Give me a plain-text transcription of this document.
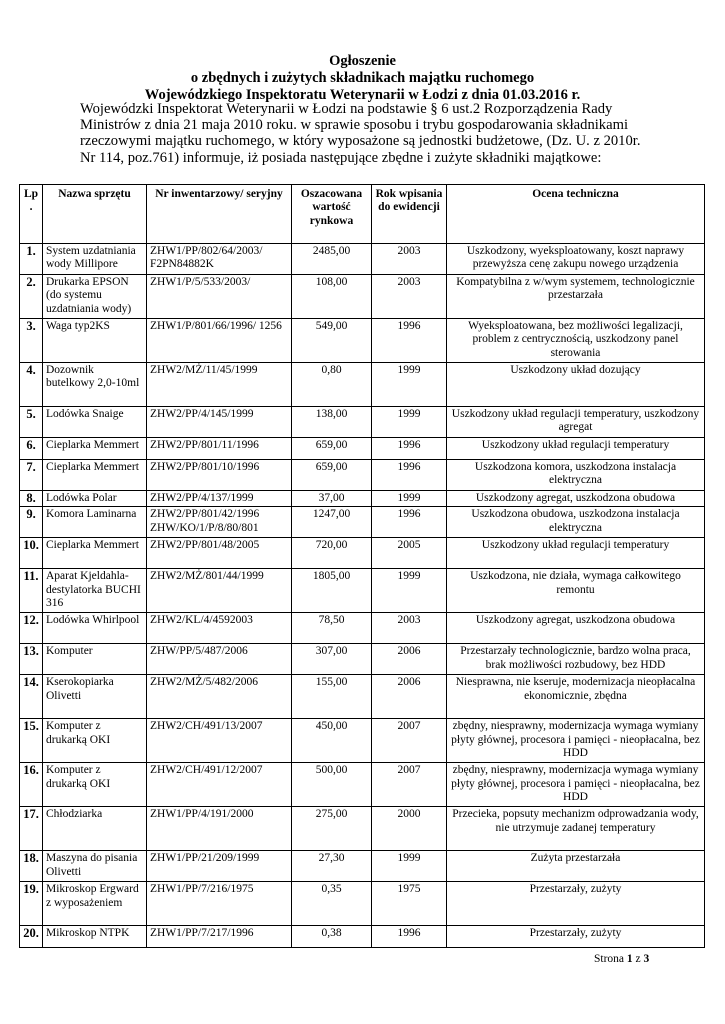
Ogłoszenie
o zbędnych i zużytych składnikach majątku ruchomego
Wojewódzkiego Inspektoratu Weterynarii w Łodzi z dnia 01.03.2016 r.
Wojewódzki Inspektorat Weterynarii w Łodzi na podstawie § 6 ust.2 Rozporządzenia Rady
Ministrów z dnia 21 maja 2010 roku. w sprawie sposobu i trybu gospodarowania składnikami
rzeczowymi majątku ruchomego, w który wyposażone są jednostki budżetowe, (Dz. U. z 2010r.
Nr 114, poz.761) informuje, iż posiada następujące zbędne i zużyte składniki majątkowe:
Lp .	Nazwa sprzętu	Nr inwentarzowy/ seryjny	Oszacowana wartość rynkowa	Rok wpisania do ewidencji	Ocena techniczna
1.	System uzdatniania wody Millipore	ZHW1/PP/802/64/2003/ F2PN84882K	2485,00	2003	Uszkodzony, wyeksploatowany, koszt naprawy przewyższa cenę zakupu nowego urządzenia
2.	Drukarka EPSON (do systemu uzdatniania wody)	ZHW1/P/5/533/2003/	108,00	2003	Kompatybilna z w/wym systemem, technologicznie przestarzała
3.	Waga typ2KS	ZHW1/P/801/66/1996/ 1256	549,00	1996	Wyeksploatowana, bez możliwości legalizacji, problem z centrycznością, uszkodzony panel sterowania
4.	Dozownik butelkowy 2,0-10ml	ZHW2/MŻ/11/45/1999	0,80	1999	Uszkodzony układ dozujący
5.	Lodówka Snaige	ZHW2/PP/4/145/1999	138,00	1999	Uszkodzony układ regulacji temperatury, uszkodzony agregat
6.	Cieplarka Memmert	ZHW2/PP/801/11/1996	659,00	1996	Uszkodzony układ regulacji temperatury
7.	Cieplarka Memmert	ZHW2/PP/801/10/1996	659,00	1996	Uszkodzona komora, uszkodzona instalacja elektryczna
8.	Lodówka Polar	ZHW2/PP/4/137/1999	37,00	1999	Uszkodzony agregat, uszkodzona obudowa
9.	Komora Laminarna	ZHW2/PP/801/42/1996 ZHW/KO/1/P/8/80/801	1247,00	1996	Uszkodzona obudowa, uszkodzona instalacja elektryczna
10.	Cieplarka Memmert	ZHW2/PP/801/48/2005	720,00	2005	Uszkodzony układ regulacji temperatury
11.	Aparat Kjeldahla-destylatorka BUCHI 316	ZHW2/MŻ/801/44/1999	1805,00	1999	Uszkodzona, nie działa, wymaga całkowitego remontu
12.	Lodówka Whirlpool	ZHW2/KL/4/4592003	78,50	2003	Uszkodzony agregat, uszkodzona obudowa
13.	Komputer	ZHW/PP/5/487/2006	307,00	2006	Przestarzały technologicznie, bardzo wolna praca, brak możliwości rozbudowy, bez HDD
14.	Kserokopiarka Olivetti	ZHW2/MŻ/5/482/2006	155,00	2006	Niesprawna, nie kseruje, modernizacja nieopłacalna ekonomicznie, zbędna
15.	Komputer z drukarką OKI	ZHW2/CH/491/13/2007	450,00	2007	zbędny, niesprawny, modernizacja wymaga wymiany płyty głównej, procesora i pamięci - nieopłacalna, bez HDD
16.	Komputer z drukarką OKI	ZHW2/CH/491/12/2007	500,00	2007	zbędny, niesprawny, modernizacja wymaga wymiany płyty głównej, procesora i pamięci - nieopłacalna, bez HDD
17.	Chłodziarka	ZHW1/PP/4/191/2000	275,00	2000	Przecieka, popsuty mechanizm odprowadzania wody, nie utrzymuje zadanej temperatury
18.	Maszyna do pisania Olivetti	ZHW1/PP/21/209/1999	27,30	1999	Zużyta przestarzała
19.	Mikroskop Ergward z wyposażeniem	ZHW1/PP/7/216/1975	0,35	1975	Przestarzały, zużyty
20.	Mikroskop NTPK	ZHW1/PP/7/217/1996	0,38	1996	Przestarzały, zużyty
Strona 1 z 3
